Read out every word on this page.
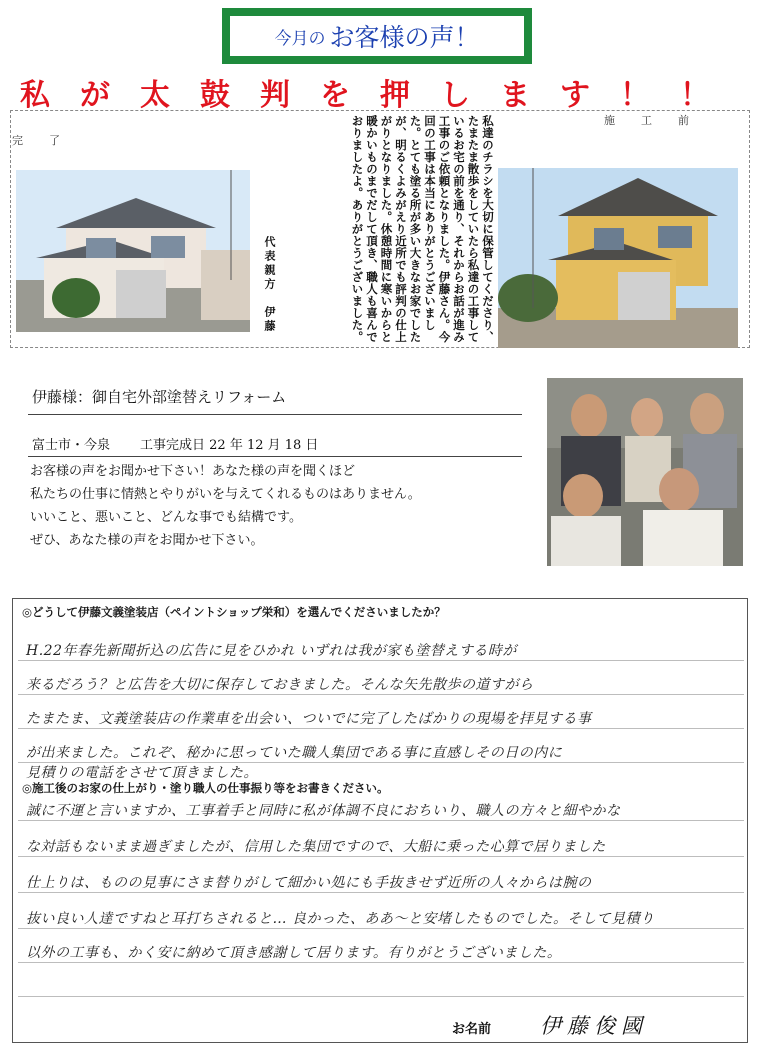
今月の お客様の声！
私が太鼓判を押します！！
完了
施工前
私達のチラシを大切に保管してくださり、たまたま散歩をしていたら私達の工事しているお宅の前を通り、それからお話が進み工事のご依頼となりました。伊藤さん。今回の工事は本当にありがとうございました。とても塗る所が多い大きなお家でしたが、明るくよみがえり近所でも評判の仕上がりとなりました。休憩時間に寒いからと暖かいものまでだして頂き、職人も喜んでおりましたよ。ありがとうございました。
代表親方　伊藤
伊藤様：御自宅外部塗替えリフォーム
富士市・今泉 工事完成日 22 年 12 月 18 日
お客様の声をお聞かせ下さい！あなた様の声を聞くほど
私たちの仕事に情熱とやりがいを与えてくれるものはありません。
いいこと、悪いこと、どんな事でも結構です。
ぜひ、あなた様の声をお聞かせ下さい。
◎どうして伊藤文義塗装店（ペイントショップ栄和）を選んでくださいましたか？
H.22年春先新聞折込の広告に見をひかれ いずれは我が家も塗替えする時が
来るだろう？と広告を大切に保存しておきました。そんな矢先散歩の道すがら
たまたま、文義塗装店の作業車を出会い、ついでに完了したばかりの現場を拝見する事
が出来ました。これぞ、秘かに思っていた職人集団である事に直感しその日の内に
見積りの電話をさせて頂きました。
◎施工後のお家の仕上がり・塗り職人の仕事振り等をお書きください。
誠に不運と言いますか、工事着手と同時に私が体調不良におちいり、職人の方々と細やかな
な対話もないまま過ぎましたが、信用した集団ですので、大船に乗った心算で居りました
仕上りは、ものの見事にさま替りがして細かい処にも手抜きせず近所の人々からは腕の
抜い良い人達ですねと耳打ちされると… 良かった、ああ～と安堵したものでした。そして見積り
以外の工事も、かく安に納めて頂き感謝して居ります。有りがとうございました。
お名前 伊藤俊國
